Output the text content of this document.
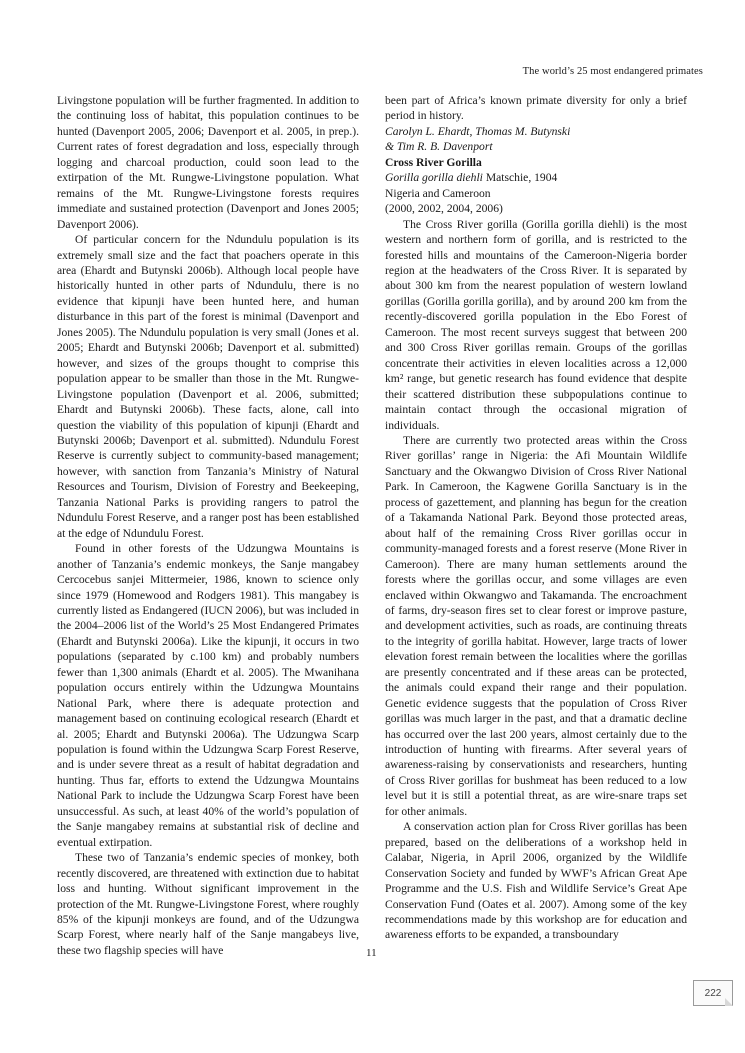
The world’s 25 most endangered primates

Livingstone population will be further fragmented. In addition to the continuing loss of habitat, this population continues to be hunted (Davenport 2005, 2006; Davenport et al. 2005, in prep.). Current rates of forest degradation and loss, especially through logging and charcoal production, could soon lead to the extirpation of the Mt. Rungwe-Livingstone population. What remains of the Mt. Rungwe-Livingstone forests requires immediate and sustained protection (Davenport and Jones 2005; Davenport 2006).

Of particular concern for the Ndundulu population is its extremely small size and the fact that poachers operate in this area (Ehardt and Butynski 2006b). Although local people have historically hunted in other parts of Ndundulu, there is no evidence that kipunji have been hunted here, and human disturbance in this part of the forest is minimal (Davenport and Jones 2005). The Ndundulu population is very small (Jones et al. 2005; Ehardt and Butynski 2006b; Davenport et al. submitted) however, and sizes of the groups thought to comprise this population appear to be smaller than those in the Mt. Rungwe-Livingstone population (Davenport et al. 2006, submitted; Ehardt and Butynski 2006b). These facts, alone, call into question the viability of this population of kipunji (Ehardt and Butynski 2006b; Davenport et al. submitted). Ndundulu Forest Reserve is currently subject to community-based management; however, with sanction from Tanzania’s Ministry of Natural Resources and Tourism, Division of Forestry and Beekeeping, Tanzania National Parks is providing rangers to patrol the Ndundulu Forest Reserve, and a ranger post has been established at the edge of Ndundulu Forest.

Found in other forests of the Udzungwa Mountains is another of Tanzania’s endemic monkeys, the Sanje mangabey Cercocebus sanjei Mittermeier, 1986, known to science only since 1979 (Homewood and Rodgers 1981). This mangabey is currently listed as Endangered (IUCN 2006), but was included in the 2004–2006 list of the World’s 25 Most Endangered Primates (Ehardt and Butynski 2006a). Like the kipunji, it occurs in two populations (separated by c.100 km) and probably numbers fewer than 1,300 animals (Ehardt et al. 2005). The Mwanihana population occurs entirely within the Udzungwa Mountains National Park, where there is adequate protection and management based on continuing ecological research (Ehardt et al. 2005; Ehardt and Butynski 2006a). The Udzungwa Scarp population is found within the Udzungwa Scarp Forest Reserve, and is under severe threat as a result of habitat degradation and hunting. Thus far, efforts to extend the Udzungwa Mountains National Park to include the Udzungwa Scarp Forest have been unsuccessful. As such, at least 40% of the world’s population of the Sanje mangabey remains at substantial risk of decline and eventual extirpation.

These two of Tanzania’s endemic species of monkey, both recently discovered, are threatened with extinction due to habitat loss and hunting. Without significant improvement in the protection of the Mt. Rungwe-Livingstone Forest, where roughly 85% of the kipunji monkeys are found, and of the Udzungwa Scarp Forest, where nearly half of the Sanje mangabeys live, these two flagship species will have

been part of Africa’s known primate diversity for only a brief period in history.

Carolyn L. Ehardt, Thomas M. Butynski

& Tim R. B. Davenport

Cross River Gorilla

Gorilla gorilla diehli Matschie, 1904

Nigeria and Cameroon

(2000, 2002, 2004, 2006)

The Cross River gorilla (Gorilla gorilla diehli) is the most western and northern form of gorilla, and is restricted to the forested hills and mountains of the Cameroon-Nigeria border region at the headwaters of the Cross River. It is separated by about 300 km from the nearest population of western lowland gorillas (Gorilla gorilla gorilla), and by around 200 km from the recently-discovered gorilla population in the Ebo Forest of Cameroon. The most recent surveys suggest that between 200 and 300 Cross River gorillas remain. Groups of the gorillas concentrate their activities in eleven localities across a 12,000 km² range, but genetic research has found evidence that despite their scattered distribution these subpopulations continue to maintain contact through the occasional migration of individuals.

There are currently two protected areas within the Cross River gorillas’ range in Nigeria: the Afi Mountain Wildlife Sanctuary and the Okwangwo Division of Cross River National Park. In Cameroon, the Kagwene Gorilla Sanctuary is in the process of gazettement, and planning has begun for the creation of a Takamanda National Park. Beyond those protected areas, about half of the remaining Cross River gorillas occur in community-managed forests and a forest reserve (Mone River in Cameroon). There are many human settlements around the forests where the gorillas occur, and some villages are even enclaved within Okwangwo and Takamanda. The encroachment of farms, dry-season fires set to clear forest or improve pasture, and development activities, such as roads, are continuing threats to the integrity of gorilla habitat. However, large tracts of lower elevation forest remain between the localities where the gorillas are presently concentrated and if these areas can be protected, the animals could expand their range and their population. Genetic evidence suggests that the population of Cross River gorillas was much larger in the past, and that a dramatic decline has occurred over the last 200 years, almost certainly due to the introduction of hunting with firearms. After several years of awareness-raising by conservationists and researchers, hunting of Cross River gorillas for bushmeat has been reduced to a low level but it is still a potential threat, as are wire-snare traps set for other animals.

A conservation action plan for Cross River gorillas has been prepared, based on the deliberations of a workshop held in Calabar, Nigeria, in April 2006, organized by the Wildlife Conservation Society and funded by WWF’s African Great Ape Programme and the U.S. Fish and Wildlife Service’s Great Ape Conservation Fund (Oates et al. 2007). Among some of the key recommendations made by this workshop are for education and awareness efforts to be expanded, a transboundary

11
222
